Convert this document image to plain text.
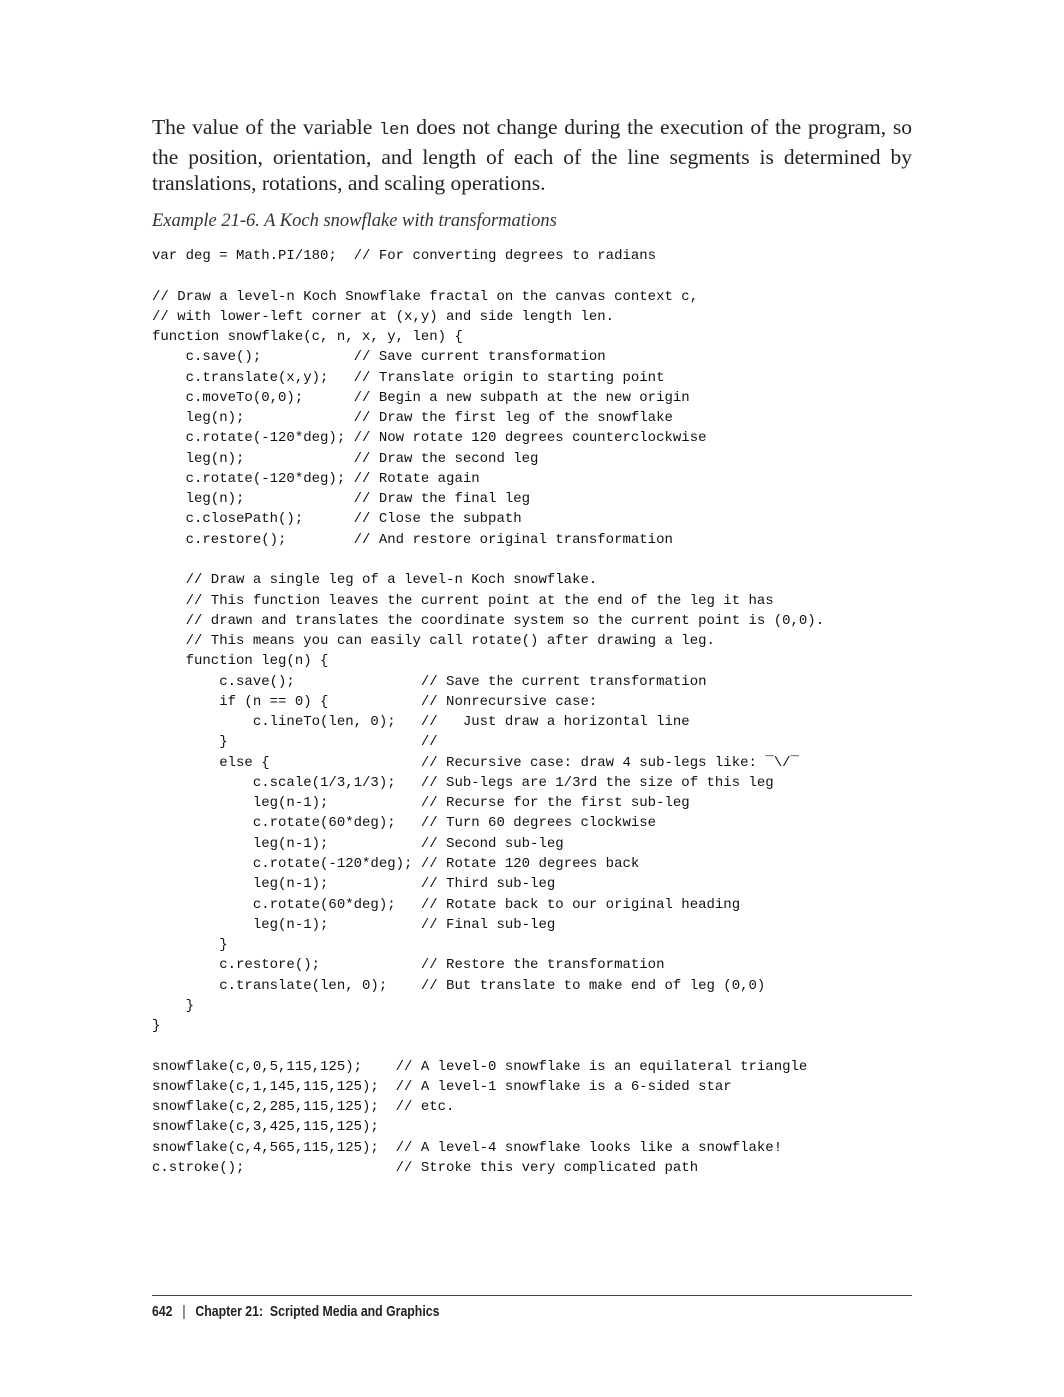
The value of the variable len does not change during the execution of the program, so the position, orientation, and length of each of the line segments is determined by translations, rotations, and scaling operations.

Example 21-6. A Koch snowflake with transformations

var deg = Math.PI/180;  // For converting degrees to radians
// Draw a level-n Koch Snowflake fractal on the canvas context c,
// with lower-left corner at (x,y) and side length len.
function snowflake(c, n, x, y, len) {
c.save();           // Save current transformation
c.translate(x,y);   // Translate origin to starting point
c.moveTo(0,0);      // Begin a new subpath at the new origin
leg(n);             // Draw the first leg of the snowflake
c.rotate(-120*deg); // Now rotate 120 degrees counterclockwise
leg(n);             // Draw the second leg
c.rotate(-120*deg); // Rotate again
leg(n);             // Draw the final leg
c.closePath();      // Close the subpath
c.restore();        // And restore original transformation
// Draw a single leg of a level-n Koch snowflake.
// This function leaves the current point at the end of the leg it has
// drawn and translates the coordinate system so the current point is (0,0).
// This means you can easily call rotate() after drawing a leg.
function leg(n) {
c.save();               // Save the current transformation
if (n == 0) {           // Nonrecursive case:
c.lineTo(len, 0);   //   Just draw a horizontal line
}                       //
else {                  // Recursive case: draw 4 sub-legs like: ‾\/‾
c.scale(1/3,1/3);   // Sub-legs are 1/3rd the size of this leg
leg(n-1);           // Recurse for the first sub-leg
c.rotate(60*deg);   // Turn 60 degrees clockwise
leg(n-1);           // Second sub-leg
c.rotate(-120*deg); // Rotate 120 degrees back
leg(n-1);           // Third sub-leg
c.rotate(60*deg);   // Rotate back to our original heading
leg(n-1);           // Final sub-leg
}
c.restore();            // Restore the transformation
c.translate(len, 0);    // But translate to make end of leg (0,0)
}
}
snowflake(c,0,5,115,125);    // A level-0 snowflake is an equilateral triangle
snowflake(c,1,145,115,125);  // A level-1 snowflake is a 6-sided star
snowflake(c,2,285,115,125);  // etc.
snowflake(c,3,425,115,125);
snowflake(c,4,565,115,125);  // A level-4 snowflake looks like a snowflake!
c.stroke();                  // Stroke this very complicated path
642 | Chapter 21:  Scripted Media and Graphics
